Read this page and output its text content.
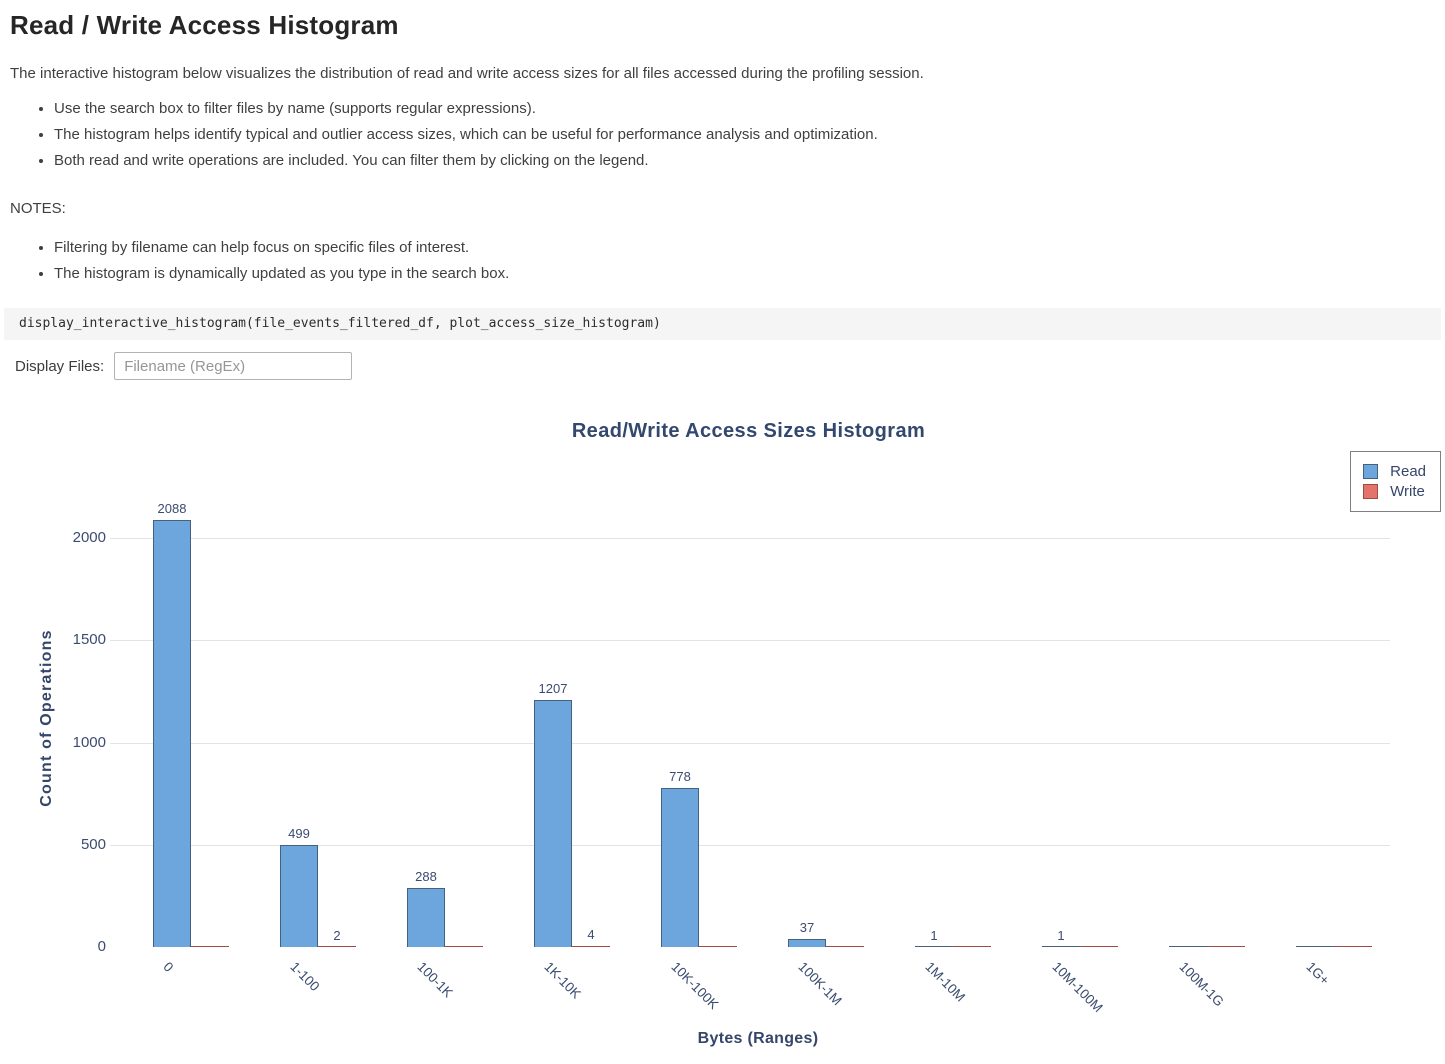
Read / Write Access Histogram

The interactive histogram below visualizes the distribution of read and write access sizes for all files accessed during the profiling session.

• Use the search box to filter files by name (supports regular expressions).
• The histogram helps identify typical and outlier access sizes, which can be useful for performance analysis and optimization.
• Both read and write operations are included. You can filter them by clicking on the legend.

NOTES:

• Filtering by filename can help focus on specific files of interest.
• The histogram is dynamically updated as you type in the search box.
display_interactive_histogram(file_events_filtered_df, plot_access_size_histogram)
Display Files:
Filename (RegEx)
Read/Write Access Sizes Histogram
Count of Operations
Bytes (Ranges)
0
500
1000
1500
2000
2088
0
499
2
1-100
288
100-1K
1207
4
1K-10K
778
10K-100K
37
100K-1M
1
1M-10M
1
10M-100M	100M-1G	1G+
Read
Write
